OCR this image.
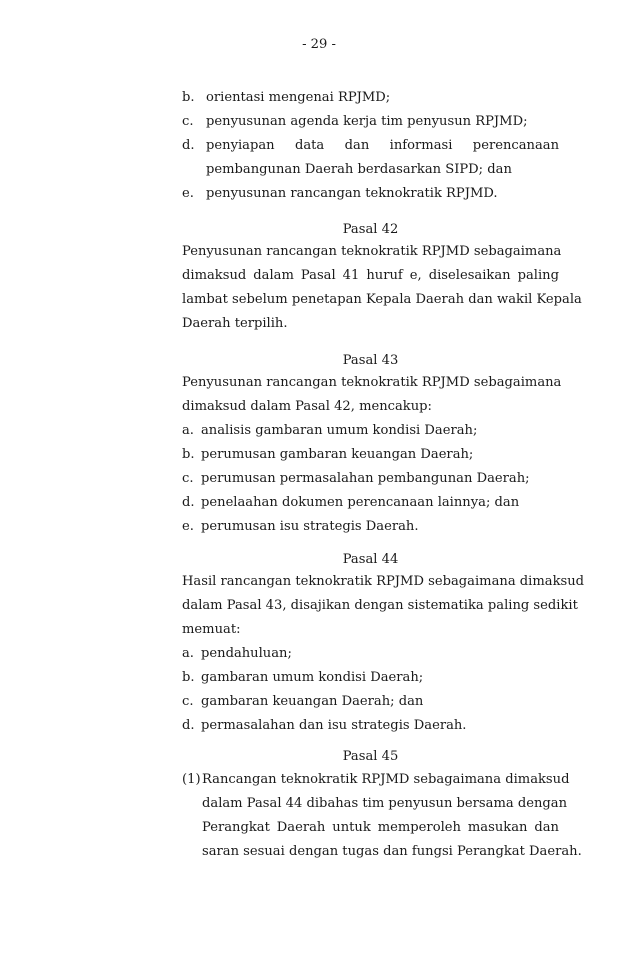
- 29 -
b. orientasi mengenai RPJMD;
c. penyusunan agenda kerja tim penyusun RPJMD;
d. penyiapan data dan informasi perencanaan
pembangunan Daerah berdasarkan SIPD; dan
e. penyusunan rancangan teknokratik RPJMD.
Pasal 42
Penyusunan rancangan teknokratik RPJMD sebagaimana
dimaksud dalam Pasal 41 huruf e, diselesaikan paling
lambat sebelum penetapan Kepala Daerah dan wakil Kepala
Daerah terpilih.
Pasal 43
Penyusunan rancangan teknokratik RPJMD sebagaimana
dimaksud dalam Pasal 42, mencakup:
a. analisis gambaran umum kondisi Daerah;
b. perumusan gambaran keuangan Daerah;
c. perumusan permasalahan pembangunan Daerah;
d. penelaahan dokumen perencanaan lainnya; dan
e. perumusan isu strategis Daerah.
Pasal 44
Hasil rancangan teknokratik RPJMD sebagaimana dimaksud
dalam Pasal 43, disajikan dengan sistematika paling sedikit
memuat:
a. pendahuluan;
b. gambaran umum kondisi Daerah;
c. gambaran keuangan Daerah; dan
d. permasalahan dan isu strategis Daerah.
Pasal 45
(1) Rancangan teknokratik RPJMD sebagaimana dimaksud
dalam Pasal 44 dibahas tim penyusun bersama dengan
Perangkat Daerah untuk memperoleh masukan dan
saran sesuai dengan tugas dan fungsi Perangkat Daerah.
